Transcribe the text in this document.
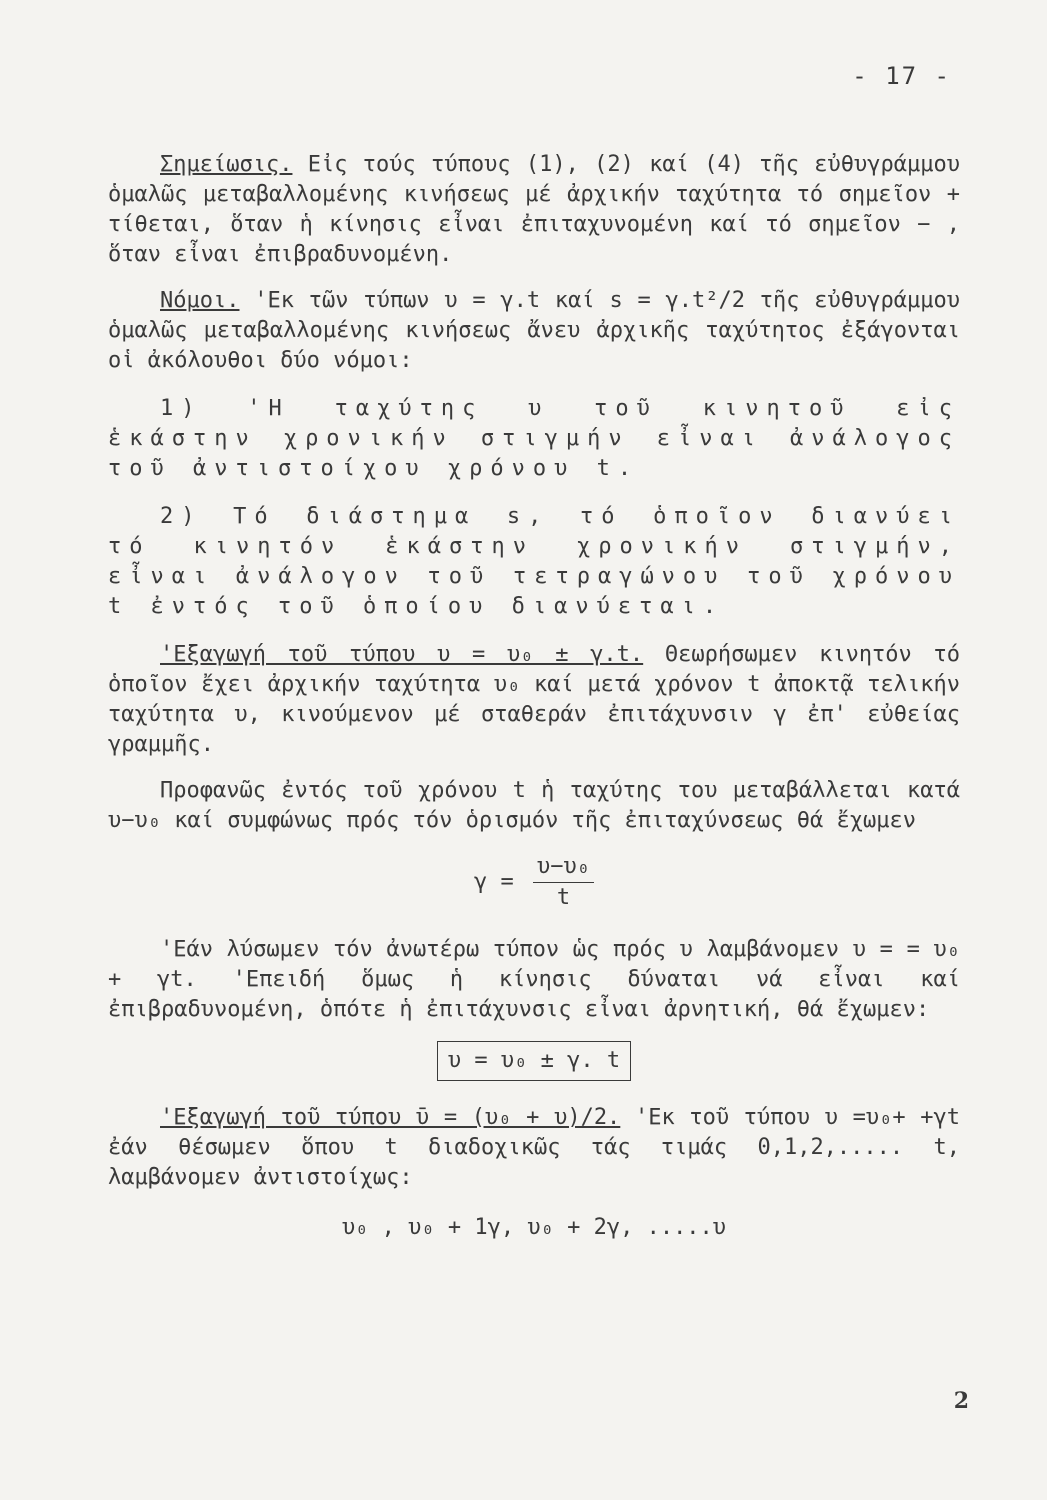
- 17 -

Σημείωσις. Εἰς τούς τύπους (1), (2) καί (4) τῆς εὐθυγράμμου ὁμαλῶς μεταβαλλομένης κινήσεως μέ ἀρχικήν ταχύτητα τό σημεῖον + τίθεται, ὅταν ἡ κίνησις εἶναι ἐπιταχυνομένη καί τό σημεῖον − , ὅταν εἶναι ἐπιβραδυνομένη.

Νόμοι. 'Εκ τῶν τύπων υ = γ.t καί s = γ.t²/2 τῆς εὐθυγράμμου ὁμαλῶς μεταβαλλομένης κινήσεως ἄνευ ἀρχικῆς ταχύτητος ἐξάγονται οἱ ἀκόλουθοι δύο νόμοι:

1) 'Η ταχύτης υ τοῦ κινητοῦ εἰς ἑκάστην χρονικήν στιγμήν εἶναι ἀνάλογος τοῦ ἀντιστοίχου χρόνου t.

2) Τό διάστημα s, τό ὁποῖον διανύει τό κινητόν ἑκάστην χρονικήν στιγμήν, εἶναι ἀνάλογον τοῦ τετραγώνου τοῦ χρόνου t ἐντός τοῦ ὁποίου διανύεται.

'Εξαγωγή τοῦ τύπου υ = υ₀ ± γ.t. Θεωρήσωμεν κινητόν τό ὁποῖον ἔχει ἀρχικήν ταχύτητα υ₀ καί μετά χρόνον t ἀποκτᾷ τελικήν ταχύτητα υ, κινούμενον μέ σταθεράν ἐπιτάχυνσιν γ ἐπ' εὐθείας γραμμῆς.

Προφανῶς ἐντός τοῦ χρόνου t ἡ ταχύτης του μεταβάλλεται κατά υ−υ₀ καί συμφώνως πρός τόν ὁρισμόν τῆς ἐπιταχύνσεως θά ἔχωμεν

$\gamma = \frac{\text{υ−υ₀}}{t}$

'Εάν λύσωμεν τόν ἀνωτέρω τύπον ὡς πρός υ λαμβάνομεν υ = = υ₀ + γt. 'Επειδή ὅμως ἡ κίνησις δύναται νά εἶναι καί ἐπιβραδυνομένη, ὁπότε ἡ ἐπιτάχυνσις εἶναι ἀρνητική, θά ἔχωμεν:

υ = υ₀ ± γ. t

'Εξαγωγή τοῦ τύπου ῡ = (υ₀ + υ)/2. 'Εκ τοῦ τύπου υ =υ₀+ +γt ἐάν θέσωμεν ὅπου t διαδοχικῶς τάς τιμάς 0,1,2,..... t, λαμβάνομεν ἀντιστοίχως:

υ₀ , υ₀ + 1γ, υ₀ + 2γ, .....υ
2
